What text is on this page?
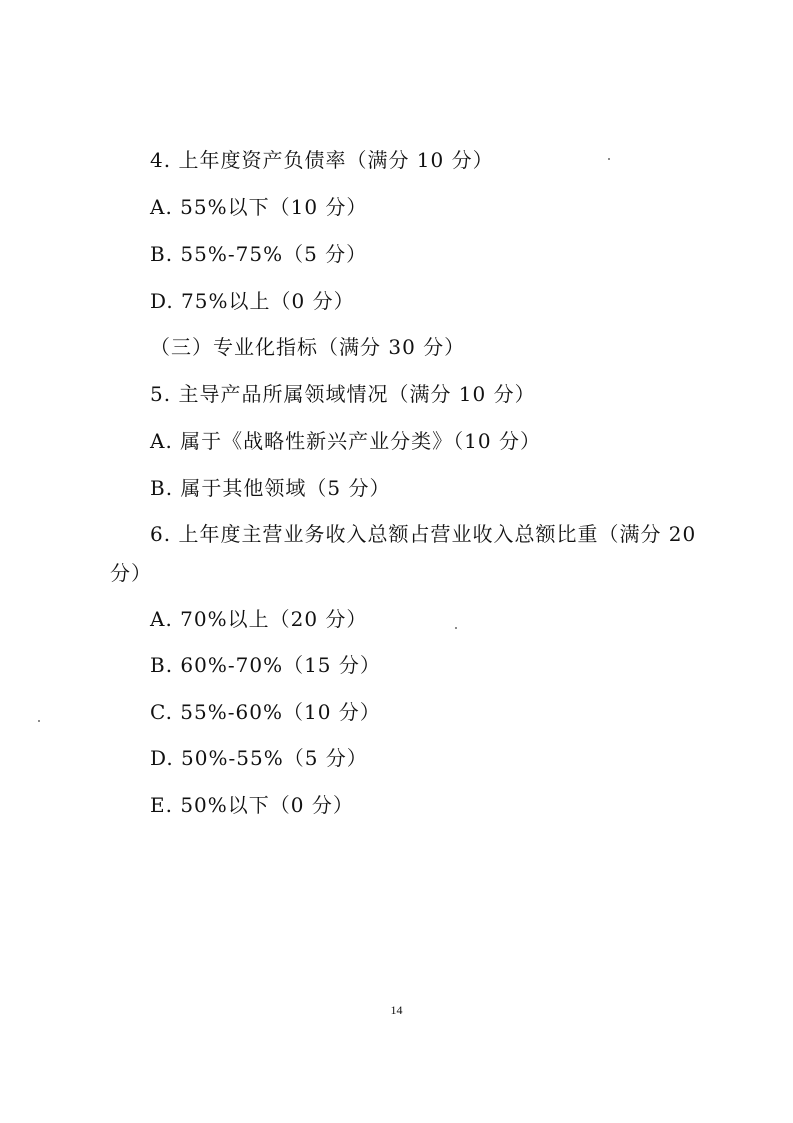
4. 上年度资产负债率（满分 10 分）
A. 55%以下（10 分）
B. 55%-75%（5 分）
D. 75%以上（0 分）
（三）专业化指标（满分 30 分）
5. 主导产品所属领域情况（满分 10 分）
A. 属于《战略性新兴产业分类》（10 分）
B. 属于其他领域（5 分）
6. 上年度主营业务收入总额占营业收入总额比重（满分 20
分）
A. 70%以上（20 分）
B. 60%-70%（15 分）
C. 55%-60%（10 分）
D. 50%-55%（5 分）
E. 50%以下（0 分）
14
